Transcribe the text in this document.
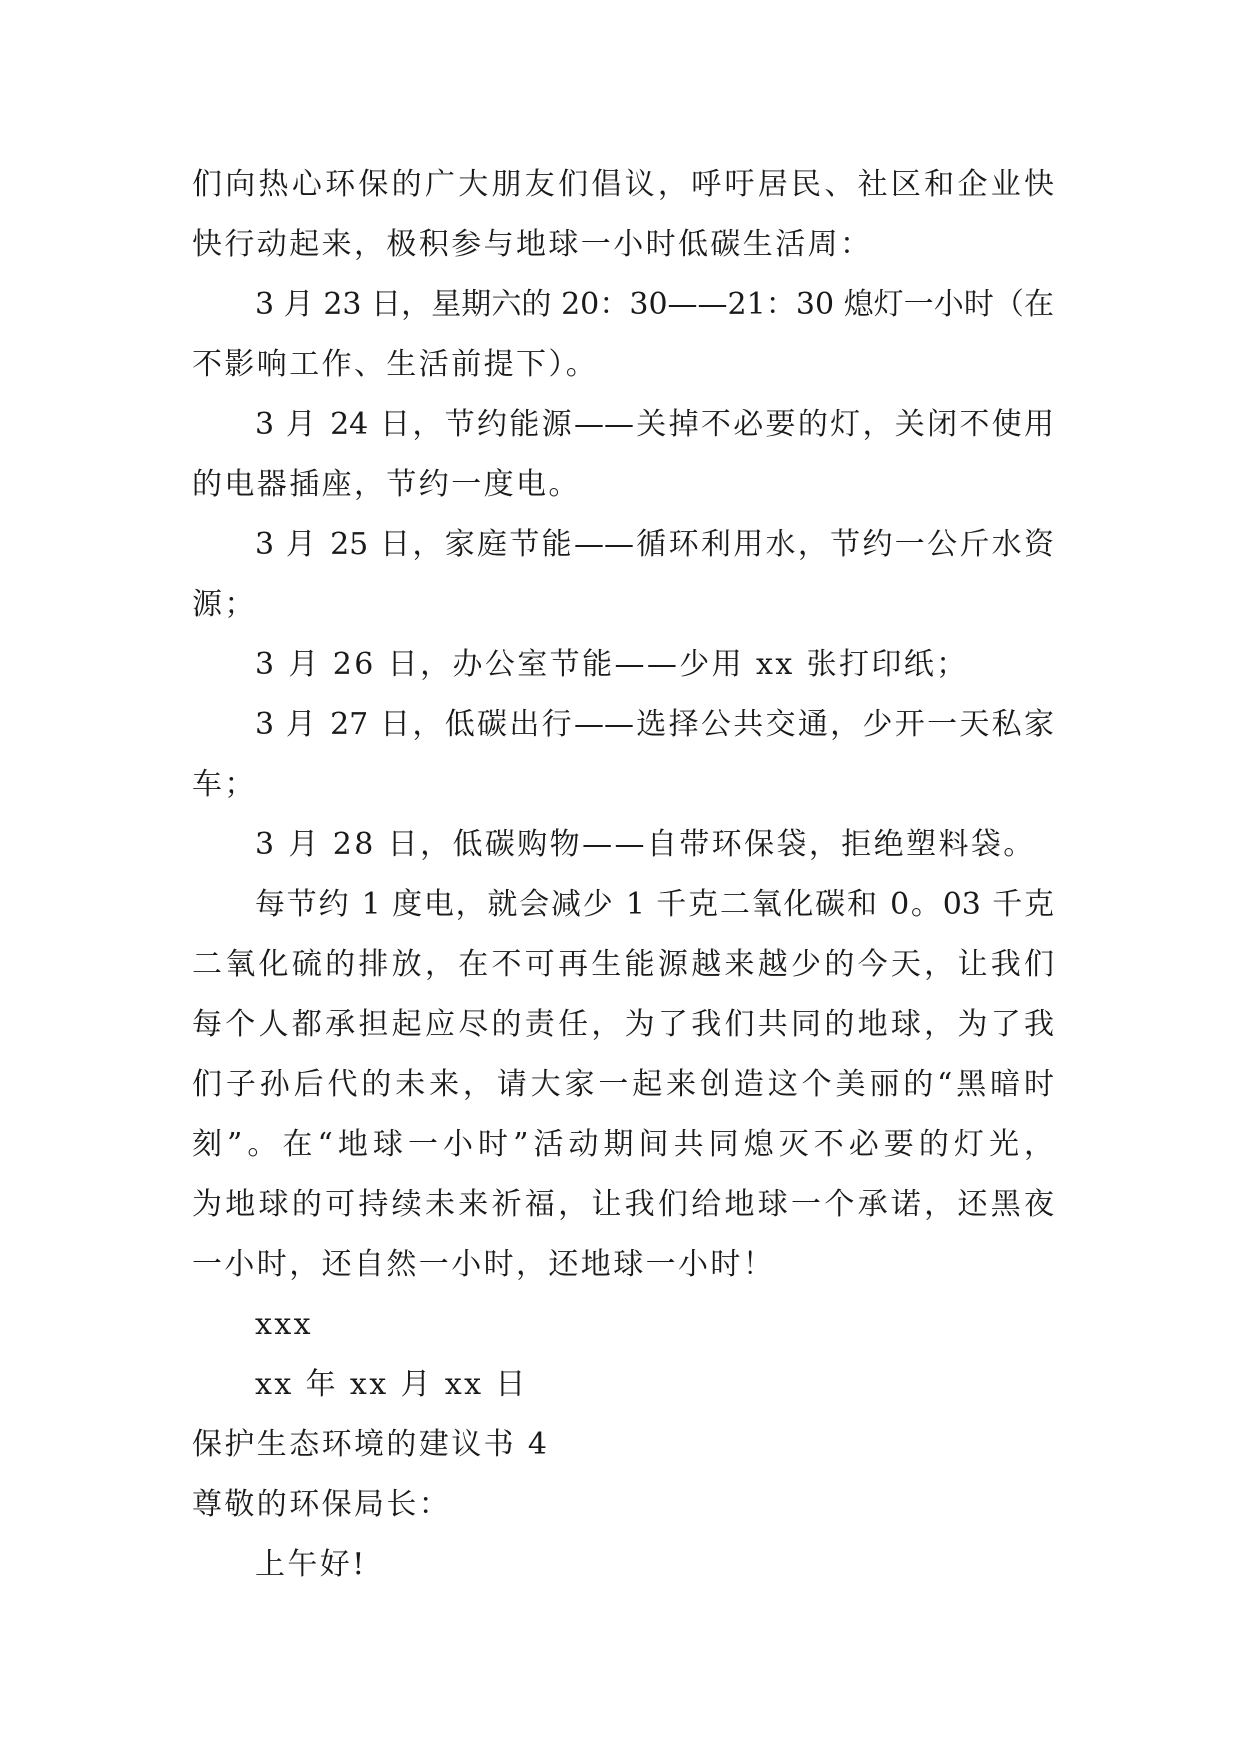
们向热心环保的广大朋友们倡议，呼吁居民、社区和企业快
快行动起来，极积参与地球一小时低碳生活周：
3 月 23 日，星期六的 20：30——21：30 熄灯一小时（在
不影响工作、生活前提下）。
3 月 24 日，节约能源——关掉不必要的灯，关闭不使用
的电器插座，节约一度电。
3 月 25 日，家庭节能——循环利用水，节约一公斤水资
源；
3 月 26 日，办公室节能——少用 xx 张打印纸；
3 月 27 日，低碳出行——选择公共交通，少开一天私家
车；
3 月 28 日，低碳购物——自带环保袋，拒绝塑料袋。
每节约 1 度电，就会减少 1 千克二氧化碳和 0。03 千克
二氧化硫的排放，在不可再生能源越来越少的今天，让我们
每个人都承担起应尽的责任，为了我们共同的地球，为了我
们子孙后代的未来，请大家一起来创造这个美丽的“黑暗时
刻”。在“地球一小时”活动期间共同熄灭不必要的灯光，
为地球的可持续未来祈福，让我们给地球一个承诺，还黑夜
一小时，还自然一小时，还地球一小时！
xxx
xx 年 xx 月 xx 日
保护生态环境的建议书 4
尊敬的环保局长：
上午好!
